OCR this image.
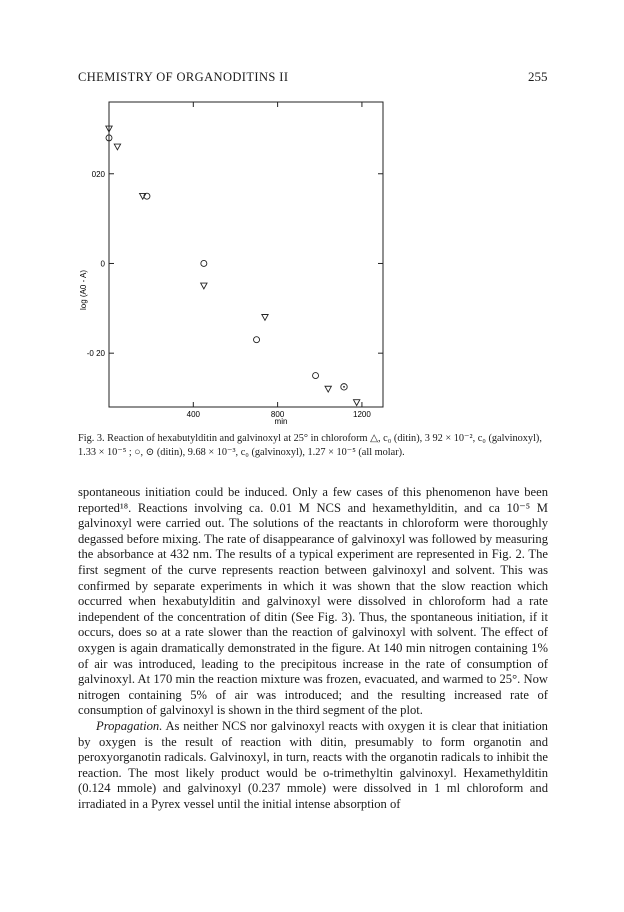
CHEMISTRY OF ORGANODITINS II	255
400	800	1200
020
0
-0 20
min
log (A0 - A)
Fig. 3. Reaction of hexabutylditin and galvinoxyl at 25° in chloroform △, c₀ (ditin), 3 92 × 10⁻², c₀ (galvinoxyl), 1.33 × 10⁻⁵ ; ○, ⊙ (ditin), 9.68 × 10⁻³, c₀ (galvinoxyl), 1.27 × 10⁻⁵ (all molar).

spontaneous initiation could be induced. Only a few cases of this phenomenon have been reported¹⁸. Reactions involving ca. 0.01 M NCS and hexamethylditin, and ca 10⁻⁵ M galvinoxyl were carried out. The solutions of the reactants in chloroform were thoroughly degassed before mixing. The rate of disappearance of galvinoxyl was followed by measuring the absorbance at 432 nm. The results of a typical experiment are represented in Fig. 2. The first segment of the curve represents reaction between galvinoxyl and solvent. This was confirmed by separate experiments in which it was shown that the slow reaction which occurred when hexabutylditin and galvinoxyl were dissolved in chloroform had a rate independent of the concentration of ditin (See Fig. 3). Thus, the spontaneous initiation, if it occurs, does so at a rate slower than the reaction of galvinoxyl with solvent. The effect of oxygen is again dramatically demonstrated in the figure. At 140 min nitrogen containing 1% of air was introduced, leading to the precipitous increase in the rate of consumption of galvinoxyl. At 170 min the reaction mixture was frozen, evacuated, and warmed to 25°. Now nitrogen containing 5% of air was introduced; and the resulting increased rate of consumption of galvinoxyl is shown in the third segment of the plot.

Propagation. As neither NCS nor galvinoxyl reacts with oxygen it is clear that initiation by oxygen is the result of reaction with ditin, presumably to form organotin and peroxyorganotin radicals. Galvinoxyl, in turn, reacts with the organotin radicals to inhibit the reaction. The most likely product would be o-trimethyltin galvinoxyl. Hexamethylditin (0.124 mmole) and galvinoxyl (0.237 mmole) were dissolved in 1 ml chloroform and irradiated in a Pyrex vessel until the initial intense absorption of
